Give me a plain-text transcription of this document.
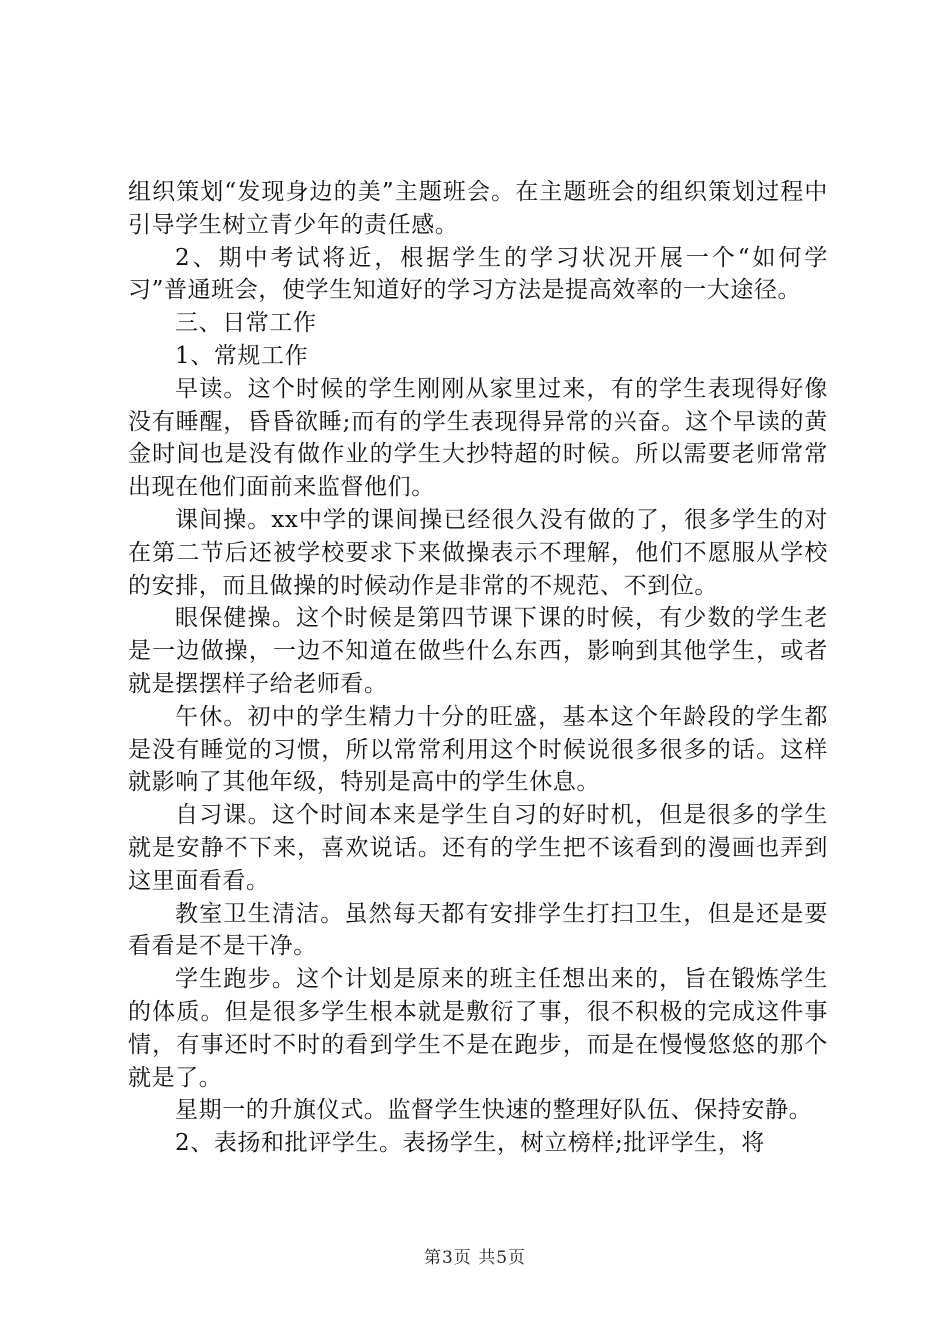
组织策划“发现身边的美”主题班会。在主题班会的组织策划过程中引导学生树立青少年的责任感。

2、期中考试将近，根据学生的学习状况开展一个“如何学习”普通班会，使学生知道好的学习方法是提高效率的一大途径。

三、日常工作

1、常规工作

早读。这个时候的学生刚刚从家里过来，有的学生表现得好像没有睡醒，昏昏欲睡;而有的学生表现得异常的兴奋。这个早读的黄金时间也是没有做作业的学生大抄特超的时候。所以需要老师常常出现在他们面前来监督他们。

课间操。xx中学的课间操已经很久没有做的了，很多学生的对在第二节后还被学校要求下来做操表示不理解，他们不愿服从学校的安排，而且做操的时候动作是非常的不规范、不到位。

眼保健操。这个时候是第四节课下课的时候，有少数的学生老是一边做操，一边不知道在做些什么东西，影响到其他学生，或者就是摆摆样子给老师看。

午休。初中的学生精力十分的旺盛，基本这个年龄段的学生都是没有睡觉的习惯，所以常常利用这个时候说很多很多的话。这样就影响了其他年级，特别是高中的学生休息。

自习课。这个时间本来是学生自习的好时机，但是很多的学生就是安静不下来，喜欢说话。还有的学生把不该看到的漫画也弄到这里面看看。

教室卫生清洁。虽然每天都有安排学生打扫卫生，但是还是要看看是不是干净。

学生跑步。这个计划是原来的班主任想出来的，旨在锻炼学生的体质。但是很多学生根本就是敷衍了事，很不积极的完成这件事情，有事还时不时的看到学生不是在跑步，而是在慢慢悠悠的那个就是了。

星期一的升旗仪式。监督学生快速的整理好队伍、保持安静。

2、表扬和批评学生。表扬学生，树立榜样;批评学生，将

第3页 共5页
